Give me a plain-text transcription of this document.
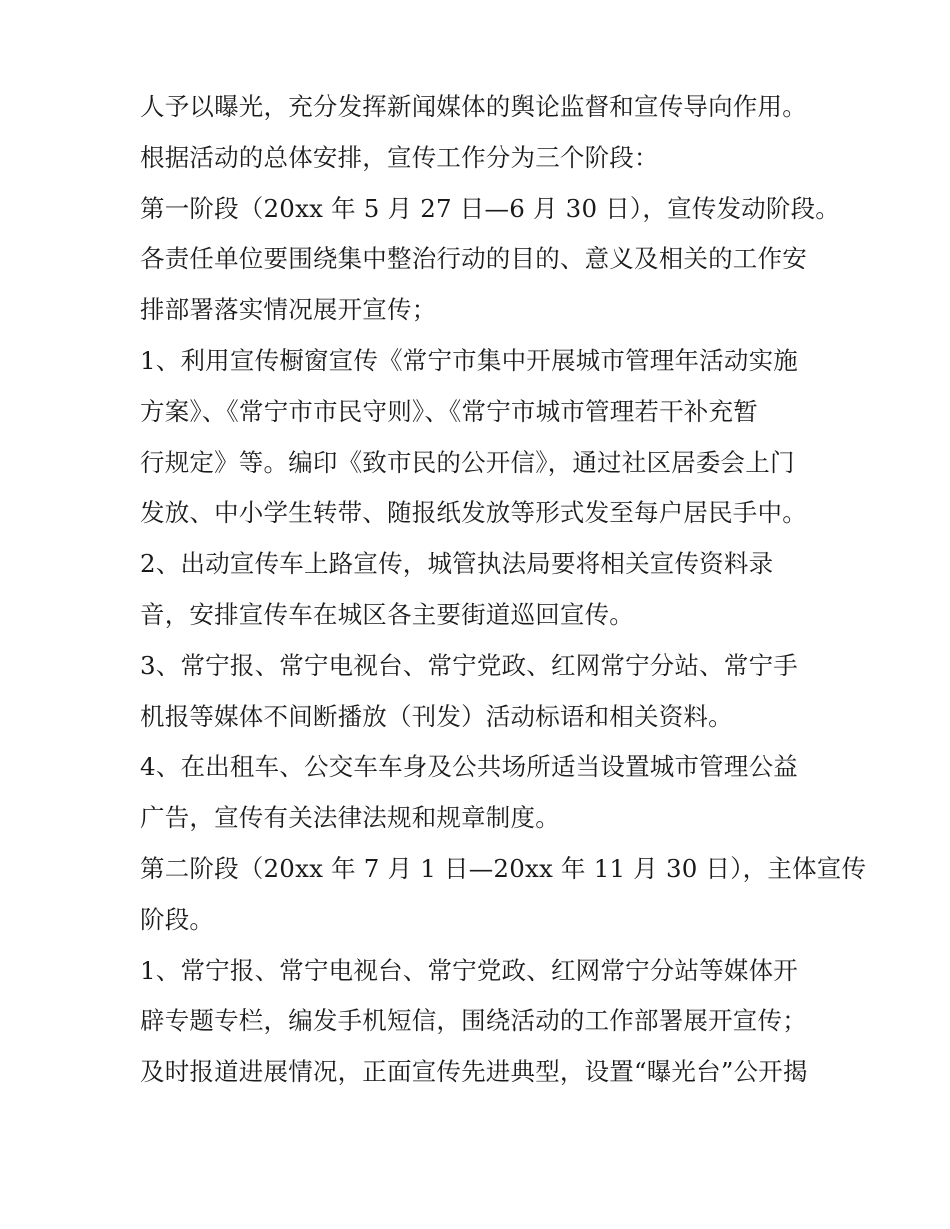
人予以曝光，充分发挥新闻媒体的舆论监督和宣传导向作用。
根据活动的总体安排，宣传工作分为三个阶段：
第一阶段（20xx 年 5 月 27 日—6 月 30 日），宣传发动阶段。
各责任单位要围绕集中整治行动的目的、意义及相关的工作安
排部署落实情况展开宣传；
1、利用宣传橱窗宣传《常宁市集中开展城市管理年活动实施
方案》、《常宁市市民守则》、《常宁市城市管理若干补充暂
行规定》等。编印《致市民的公开信》，通过社区居委会上门
发放、中小学生转带、随报纸发放等形式发至每户居民手中。
2、出动宣传车上路宣传，城管执法局要将相关宣传资料录
音，安排宣传车在城区各主要街道巡回宣传。
3、常宁报、常宁电视台、常宁党政、红网常宁分站、常宁手
机报等媒体不间断播放（刊发）活动标语和相关资料。
4、在出租车、公交车车身及公共场所适当设置城市管理公益
广告，宣传有关法律法规和规章制度。
第二阶段（20xx 年 7 月 1 日—20xx 年 11 月 30 日），主体宣传
阶段。
1、常宁报、常宁电视台、常宁党政、红网常宁分站等媒体开
辟专题专栏，编发手机短信，围绕活动的工作部署展开宣传；
及时报道进展情况，正面宣传先进典型，设置“曝光台”公开揭
